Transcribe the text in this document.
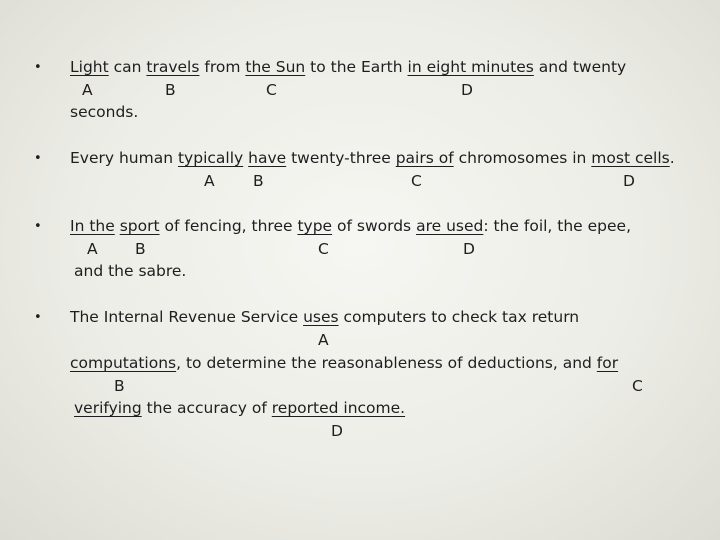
• Light can travels from the Sun to the Earth in eight minutes and twenty
A	B	C	D
seconds.
• Every human typically have twenty-three pairs of chromosomes in most cells.
A B	C	D
• In the sport of fencing, three type of swords are used: the foil, the epee,
A B	C	D
and the sabre.
• The Internal Revenue Service uses computers to check tax return
A
computations, to determine the reasonableness of deductions, and for
B	C
verifying the accuracy of reported income.
D
